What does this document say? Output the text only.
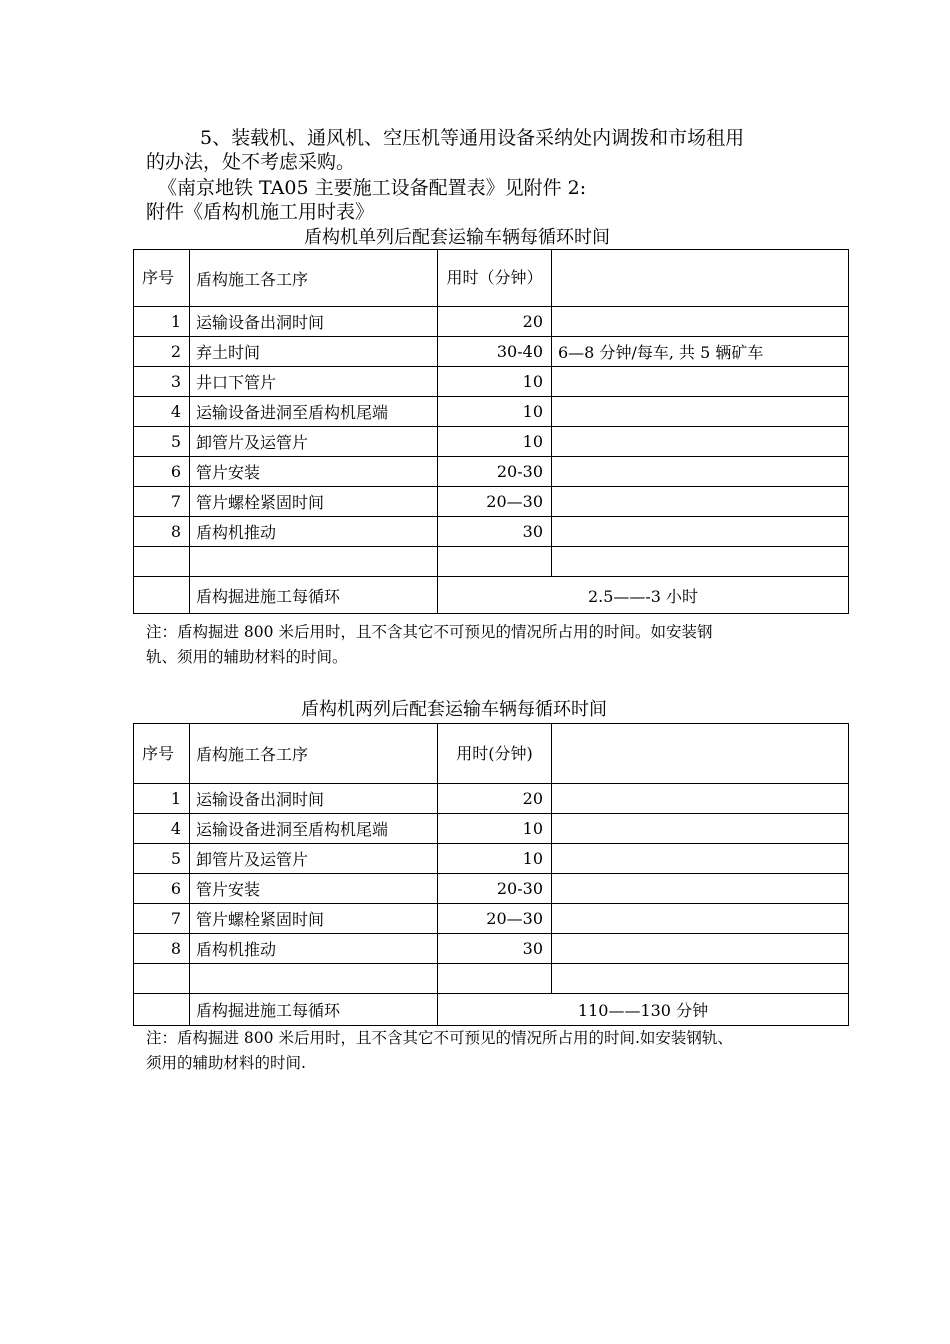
5、装载机、通风机、空压机等通用设备采纳处内调拨和市场租用
的办法，处不考虑采购。
《南京地铁 TA05 主要施工设备配置表》见附件 2:
附件《盾构机施工用时表》
盾构机单列后配套运输车辆每循环时间
序号	盾构施工各工序	用时（分钟）	
1	运输设备出洞时间	20	
2	弃土时间	30-40	6—8 分钟/每车, 共 5 辆矿车
3	井口下管片	10	
4	运输设备进洞至盾构机尾端	10	
5	卸管片及运管片	10	
6	管片安装	20-30	
7	管片螺栓紧固时间	20—30	
8	盾构机推动	30	

	盾构掘进施工每循环	2.5——-3 小时	
注：盾构掘进 800 米后用时，且不含其它不可预见的情况所占用的时间。如安装钢
轨、须用的辅助材料的时间。
盾构机两列后配套运输车辆每循环时间
序号	盾构施工各工序	用时(分钟)	
1	运输设备出洞时间	20	
4	运输设备进洞至盾构机尾端	10	
5	卸管片及运管片	10	
6	管片安装	20-30	
7	管片螺栓紧固时间	20—30	
8	盾构机推动	30	

	盾构掘进施工每循环	110——130 分钟	
注：盾构掘进 800 米后用时，且不含其它不可预见的情况所占用的时间.如安装钢轨、
须用的辅助材料的时间.
